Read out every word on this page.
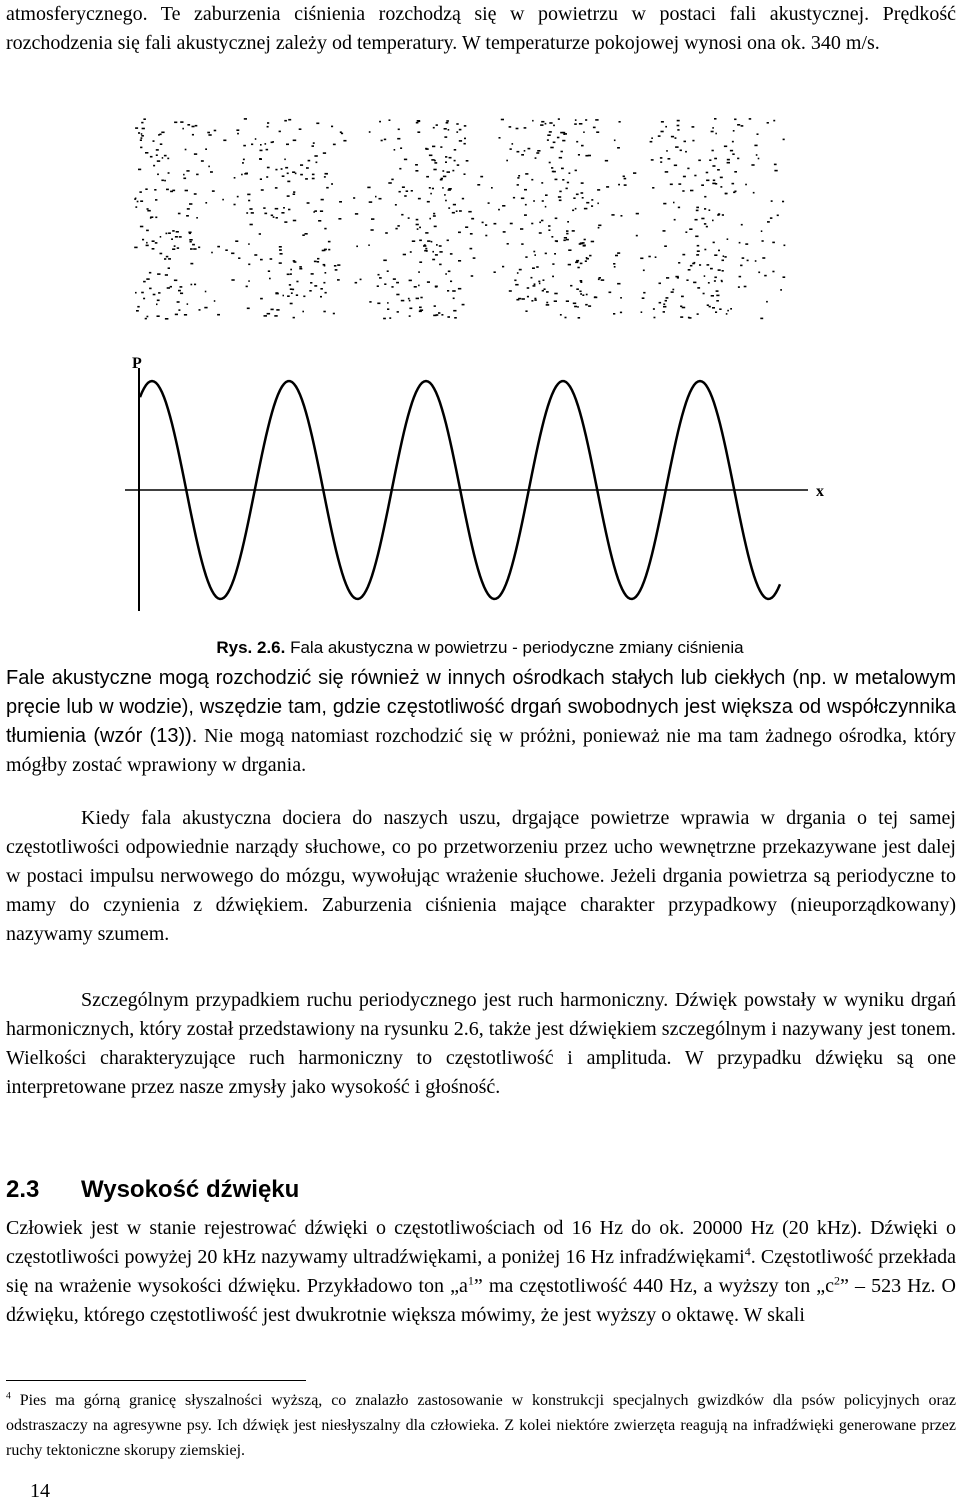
atmosferycznego. Te zaburzenia ciśnienia rozchodzą się w powietrzu w postaci fali akustycznej. Prędkość rozchodzenia się fali akustycznej zależy od temperatury. W temperaturze pokojowej wynosi ona ok. 340 m/s.

P
x
Rys. 2.6. Fala akustyczna w powietrzu - periodyczne zmiany ciśnienia

Fale akustyczne mogą rozchodzić się również w innych ośrodkach stałych lub ciekłych (np. w metalowym pręcie lub w wodzie), wszędzie tam, gdzie częstotliwość drgań swobodnych jest większa od współczynnika tłumienia (wzór (13)). Nie mogą natomiast rozchodzić się w próżni, ponieważ nie ma tam żadnego ośrodka, który mógłby zostać wprawiony w drgania.

Kiedy fala akustyczna dociera do naszych uszu, drgające powietrze wprawia w drgania o tej samej częstotliwości odpowiednie narządy słuchowe, co po przetworzeniu przez ucho wewnętrzne przekazywane jest dalej w postaci impulsu nerwowego do mózgu, wywołując wrażenie słuchowe. Jeżeli drgania powietrza są periodyczne to mamy do czynienia z dźwiękiem. Zaburzenia ciśnienia mające charakter przypadkowy (nieuporządkowany) nazywamy szumem.

Szczególnym przypadkiem ruchu periodycznego jest ruch harmoniczny. Dźwięk powstały w wyniku drgań harmonicznych, który został przedstawiony na rysunku 2.6, także jest dźwiękiem szczególnym i nazywany jest tonem. Wielkości charakteryzujące ruch harmoniczny to częstotliwość i amplituda. W przypadku dźwięku są one interpretowane przez nasze zmysły jako wysokość i głośność.

2.3 Wysokość dźwięku

Człowiek jest w stanie rejestrować dźwięki o częstotliwościach od 16 Hz do ok. 20000 Hz (20 kHz). Dźwięki o częstotliwości powyżej 20 kHz nazywamy ultradźwiękami, a poniżej 16 Hz infradźwiękami$^4$. Częstotliwość przekłada się na wrażenie wysokości dźwięku. Przykładowo ton $„a^1$” ma częstotliwość 440 Hz, a wyższy ton $„c^2$” – 523 Hz. O dźwięku, którego częstotliwość jest dwukrotnie większa mówimy, że jest wyższy o oktawę. W skali

$^4$ Pies ma górną granicę słyszalności wyższą, co znalazło zastosowanie w konstrukcji specjalnych gwizdków dla psów policyjnych oraz odstraszaczy na agresywne psy. Ich dźwięk jest niesłyszalny dla człowieka. Z kolei niektóre zwierzęta reagują na infradźwięki generowane przez ruchy tektoniczne skorupy ziemskiej.

14
